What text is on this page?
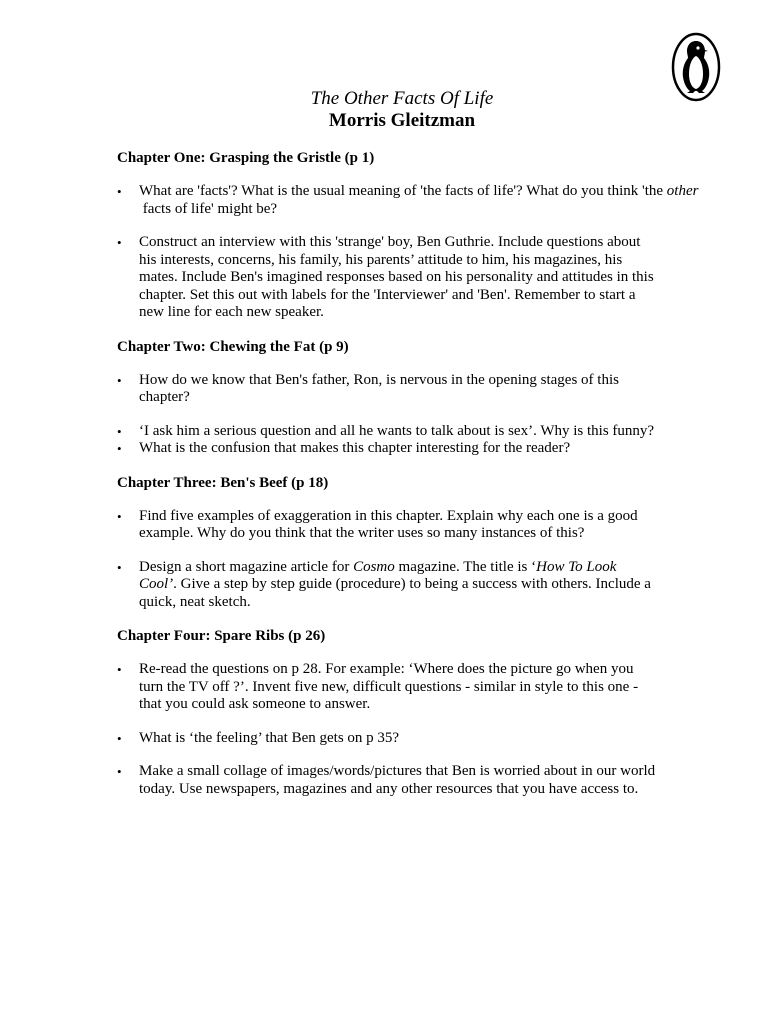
The Other Facts Of Life
Morris Gleitzman
Chapter One: Grasping the Gristle (p 1)
•	What are 'facts'? What is the usual meaning of 'the facts of life'? What do you think 'the other facts of life' might be?
•	Construct an interview with this 'strange' boy, Ben Guthrie. Include questions about his interests, concerns, his family, his parents’ attitude to him, his magazines, his mates. Include Ben's imagined responses based on his personality and attitudes in this chapter. Set this out with labels for the 'Interviewer' and 'Ben'. Remember to start a new line for each new speaker.
Chapter Two: Chewing the Fat (p 9)
•	How do we know that Ben's father, Ron, is nervous in the opening stages of this chapter?
•	‘I ask him a serious question and all he wants to talk about is sex’. Why is this funny?
•	What is the confusion that makes this chapter interesting for the reader?
Chapter Three: Ben's Beef (p 18)
•	Find five examples of exaggeration in this chapter. Explain why each one is a good example. Why do you think that the writer uses so many instances of this?
•	Design a short magazine article for Cosmo magazine. The title is ‘How To Look Cool’. Give a step by step guide (procedure) to being a success with others. Include a quick, neat sketch.
Chapter Four: Spare Ribs (p 26)
•	Re-read the questions on p 28. For example: ‘Where does the picture go when you turn the TV off ?’. Invent five new, difficult questions - similar in style to this one - that you could ask someone to answer.
•	What is ‘the feeling’ that Ben gets on p 35?
•	Make a small collage of images/words/pictures that Ben is worried about in our world today. Use newspapers, magazines and any other resources that you have access to.
